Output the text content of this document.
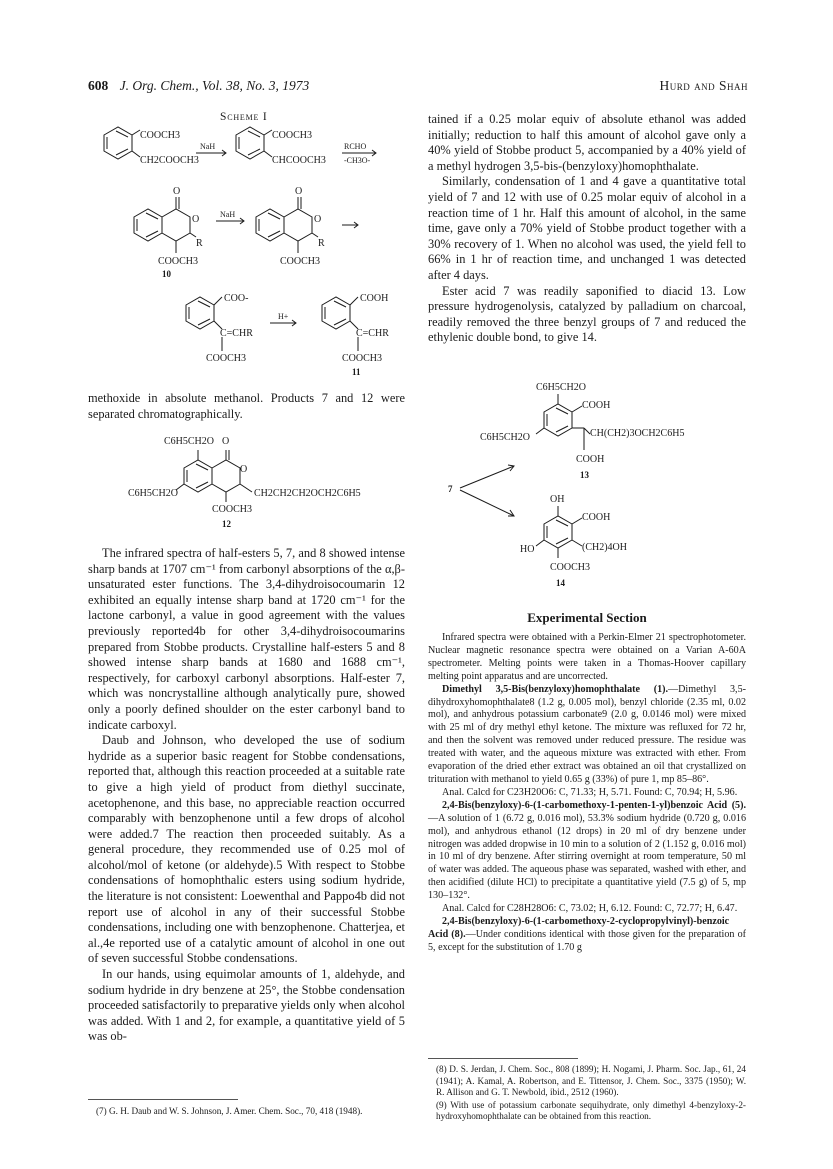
608 J. Org. Chem., Vol. 38, No. 3, 1973	Hurd and Shah
Scheme I
COOCH3
CH2COOCH3
NaH
COOCH3
CHCOOCH3
RCHO
-CH3O-
O
O
R
COOCH3
10
NaH
O
O
R
COOCH3
COO-
C=CHR
COOCH3
H+
COOH
C=CHR
COOCH3
11

methoxide in absolute methanol. Products 7 and 12 were separated chromatographically.

C6H5CH2O O
C6H5CH2O
O
CH2CH2CH2OCH2C6H5
COOCH3
12

The infrared spectra of half-esters 5, 7, and 8 showed intense sharp bands at 1707 cm⁻¹ from carbonyl absorptions of the α,β-unsaturated ester functions. The 3,4-dihydroisocoumarin 12 exhibited an equally intense sharp band at 1720 cm⁻¹ for the lactone carbonyl, a value in good agreement with the values previously reported4b for other 3,4-dihydroisocoumarins prepared from Stobbe products. Crystalline half-esters 5 and 8 showed intense sharp bands at 1680 and 1688 cm⁻¹, respectively, for carboxyl carbonyl absorptions. Half-ester 7, which was noncrystalline although analytically pure, showed only a poorly defined shoulder on the ester carbonyl band to indicate carboxyl.

Daub and Johnson, who developed the use of sodium hydride as a superior basic reagent for Stobbe condensations, reported that, although this reaction proceeded at a suitable rate to give a high yield of product from diethyl succinate, acetophenone, and this base, no appreciable reaction occurred comparably with benzophenone until a few drops of alcohol were added.7 The reaction then proceeded suitably. As a general procedure, they recommended use of 0.25 mol of alcohol/mol of ketone (or aldehyde).5 With respect to Stobbe condensations of homophthalic esters using sodium hydride, the literature is not consistent: Loewenthal and Pappo4b did not report use of alcohol in any of their successful Stobbe condensations, including one with benzophenone. Chatterjea, et al.,4e reported use of a catalytic amount of alcohol in one out of seven successful Stobbe condensations.

In our hands, using equimolar amounts of 1, aldehyde, and sodium hydride in dry benzene at 25°, the Stobbe condensation proceeded satisfactorily to preparative yields only when alcohol was added. With 1 and 2, for example, a quantitative yield of 5 was ob-

(7) G. H. Daub and W. S. Johnson, J. Amer. Chem. Soc., 70, 418 (1948).

tained if a 0.25 molar equiv of absolute ethanol was added initially; reduction to half this amount of alcohol gave only a 40% yield of Stobbe product 5, accompanied by a 40% yield of a methyl hydrogen 3,5-bis-(benzyloxy)homophthalate.

Similarly, condensation of 1 and 4 gave a quantitative total yield of 7 and 12 with use of 0.25 molar equiv of alcohol in a reaction time of 1 hr. Half this amount of alcohol, in the same time, gave only a 70% yield of Stobbe product together with a 30% recovery of 1. When no alcohol was used, the yield fell to 66% in 1 hr of reaction time, and unchanged 1 was detected after 4 days.

Ester acid 7 was readily saponified to diacid 13. Low pressure hydrogenolysis, catalyzed by palladium on charcoal, readily removed the three benzyl groups of 7 and reduced the ethylenic double bond, to give 14.

7
C6H5CH2O
COOH
CH(CH2)3OCH2C6H5
C6H5CH2O
COOH
13
OH
COOH
(CH2)4OH
HO
COOCH3
14
Experimental Section

Infrared spectra were obtained with a Perkin-Elmer 21 spectrophotometer. Nuclear magnetic resonance spectra were obtained on a Varian A-60A spectrometer. Melting points were taken in a Thomas-Hoover capillary melting point apparatus and are uncorrected.

Dimethyl 3,5-Bis(benzyloxy)homophthalate (1).—Dimethyl 3,5-dihydroxyhomophthalate8 (1.2 g, 0.005 mol), benzyl chloride (2.35 ml, 0.02 mol), and anhydrous potassium carbonate9 (2.0 g, 0.0146 mol) were mixed with 25 ml of dry methyl ethyl ketone. The mixture was refluxed for 72 hr, and then the solvent was removed under reduced pressure. The residue was treated with water, and the aqueous mixture was extracted with ether. From evaporation of the dried ether extract was obtained an oil that crystallized on trituration with methanol to yield 0.65 g (33%) of pure 1, mp 85–86°.

Anal. Calcd for C23H20O6: C, 71.33; H, 5.71. Found: C, 70.94; H, 5.96.

2,4-Bis(benzyloxy)-6-(1-carbomethoxy-1-penten-1-yl)benzoic Acid (5).—A solution of 1 (6.72 g, 0.016 mol), 53.3% sodium hydride (0.720 g, 0.016 mol), and anhydrous ethanol (12 drops) in 20 ml of dry benzene under nitrogen was added dropwise in 10 min to a solution of 2 (1.152 g, 0.016 mol) in 10 ml of dry benzene. After stirring overnight at room temperature, 50 ml of water was added. The aqueous phase was separated, washed with ether, and then acidified (dilute HCl) to precipitate a quantitative yield (7.5 g) of 5, mp 130–132°.

Anal. Calcd for C28H28O6: C, 73.02; H, 6.12. Found: C, 72.77; H, 6.47.

2,4-Bis(benzyloxy)-6-(1-carbomethoxy-2-cyclopropylvinyl)-benzoic Acid (8).—Under conditions identical with those given for the preparation of 5, except for the substitution of 1.70 g

(8) D. S. Jerdan, J. Chem. Soc., 808 (1899); H. Nogami, J. Pharm. Soc. Jap., 61, 24 (1941); A. Kamal, A. Robertson, and E. Tittensor, J. Chem. Soc., 3375 (1950); W. R. Allison and G. T. Newbold, ibid., 2512 (1960).

(9) With use of potassium carbonate sequihydrate, only dimethyl 4-benzyloxy-2-hydroxyhomophthalate can be obtained from this reaction.
